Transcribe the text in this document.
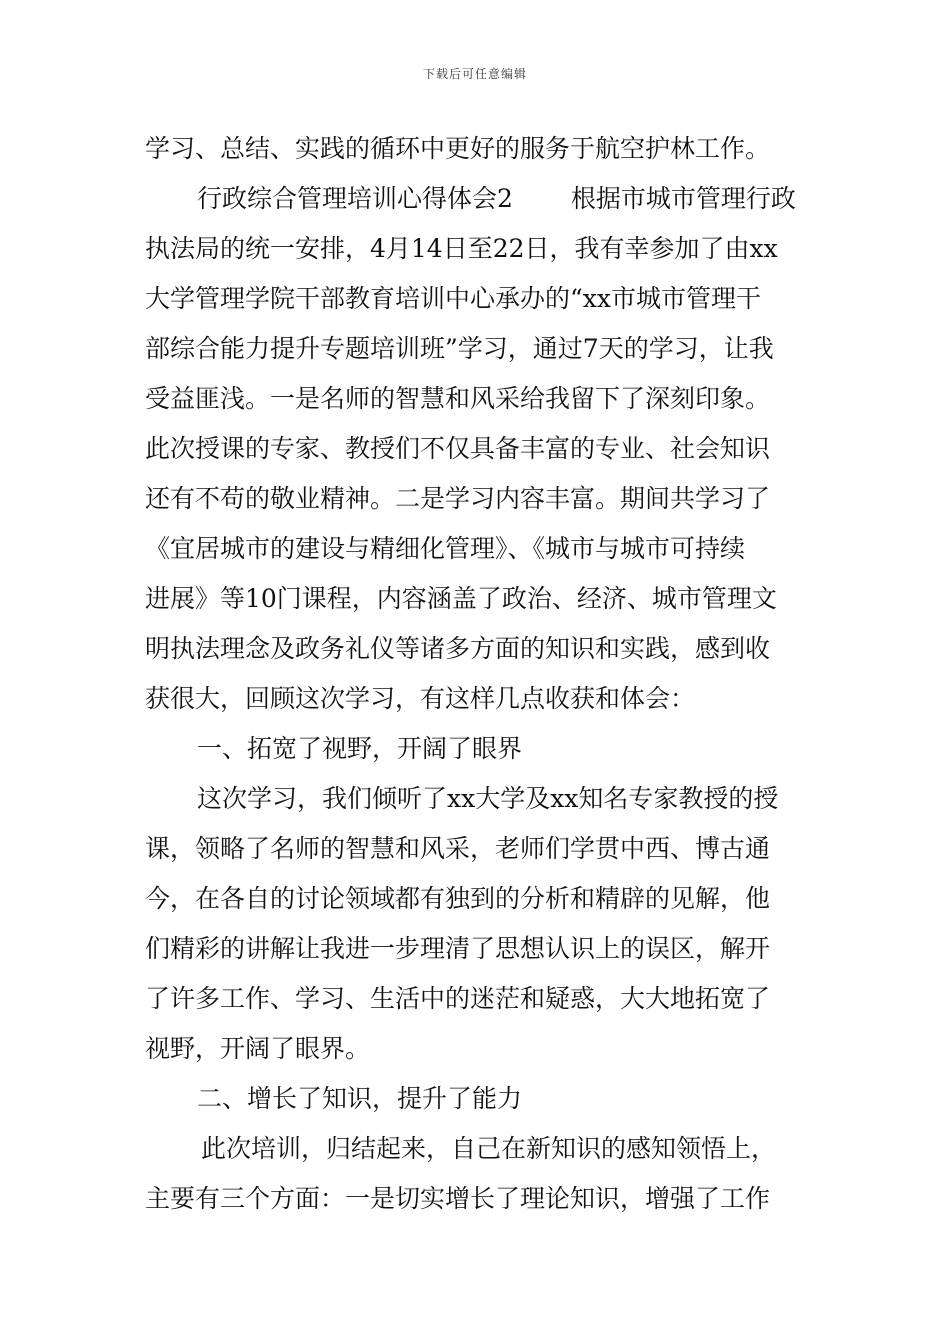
下载后可任意编辑
学习、总结、实践的循环中更好的服务于航空护林工作。
行政综合管理培训心得体会2 根据市城市管理行政
执法局的统一安排，4月14日至22日，我有幸参加了由xx
大学管理学院干部教育培训中心承办的“xx市城市管理干
部综合能力提升专题培训班”学习，通过7天的学习，让我
受益匪浅。一是名师的智慧和风采给我留下了深刻印象。
此次授课的专家、教授们不仅具备丰富的专业、社会知识
还有不苟的敬业精神。二是学习内容丰富。期间共学习了
《宜居城市的建设与精细化管理》、《城市与城市可持续
进展》等10门课程，内容涵盖了政治、经济、城市管理文
明执法理念及政务礼仪等诸多方面的知识和实践，感到收
获很大，回顾这次学习，有这样几点收获和体会：
一、拓宽了视野，开阔了眼界
这次学习，我们倾听了xx大学及xx知名专家教授的授
课，领略了名师的智慧和风采，老师们学贯中西、博古通
今，在各自的讨论领域都有独到的分析和精辟的见解，他
们精彩的讲解让我进一步理清了思想认识上的误区，解开
了许多工作、学习、生活中的迷茫和疑惑，大大地拓宽了
视野，开阔了眼界。
二、增长了知识，提升了能力
此次培训，归结起来，自己在新知识的感知领悟上，
主要有三个方面：一是切实增长了理论知识，增强了工作
